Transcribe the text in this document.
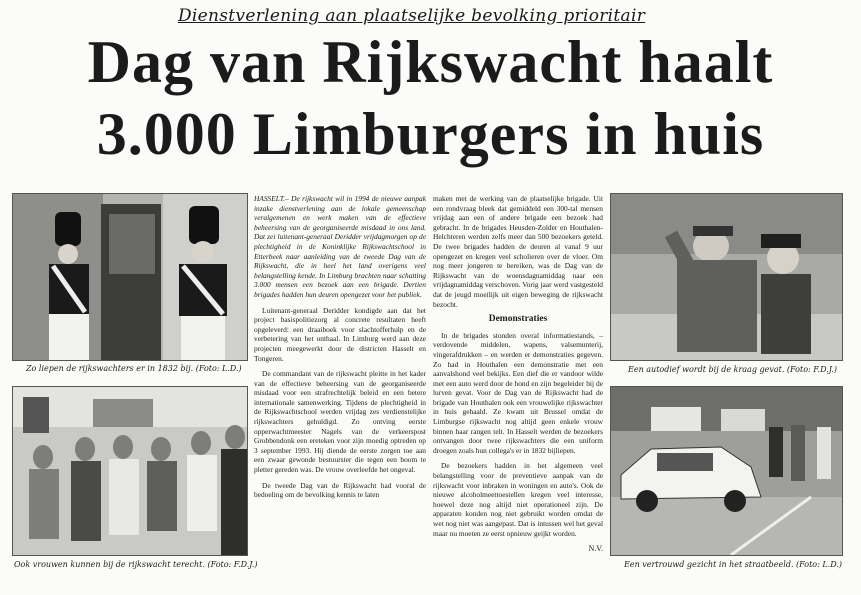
Dienstverlening aan plaatselijke bevolking prioritair
Dag van Rijkswacht haalt
3.000 Limburgers in huis
Zo liepen de rijkswachters er in 1832 bij. (Foto: L.D.)
Ook vrouwen kunnen bij de rijkswacht terecht. (Foto: F.D.J.)

HASSELT.– De rijkswacht wil in 1994 de nieuwe aanpak inzake dienstverlening aan de lokale gemeenschap veralgemenen en werk maken van de effectieve beheersing van de georganiseerde misdaad in ons land. Dat zei luitenant-generaal Deridder vrijdagmorgen op de plechtigheid in de Koninklijke Rijkswachtschool in Etterbeek naar aanleiding van de tweede Dag van de Rijkswacht, die in heel het land overigens veel belangstelling kende. In Limburg brachten naar schatting 3.000 mensen een bezoek aan een brigade. Dertien brigades hadden hun deuren opengezet voor het publiek.

Luitenant-generaal Deridder kondigde aan dat het project basispolitiezorg al concrete resultaten heeft opgeleverd: een draaiboek voor slachtofferhulp en de verbetering van het onthaal. In Limburg werd aan deze projecten meegewerkt door de districten Hasselt en Tongeren.

De commandant van de rijkswacht pleitte in het kader van de effectieve beheersing van de georganiseerde misdaad voor een strafrechtelijk beleid en een betere internationale samenwerking. Tijdens de plechtigheid in de Rijkswachtschool werden vrijdag zes verdienstelijke rijkswachters gehuldigd. Zo ontving eerste opperwachtmeester Nagels van de verkeerspost Grobbendonk een ereteken voor zijn moedig optreden op 3 september 1993. Hij diende de eerste zorgen toe aan een zwaar gewonde bestuurster die tegen een boom te pletter gereden was. De vrouw overleefde het ongeval.

De tweede Dag van de Rijkswacht had vooral de bedoeling om de bevolking kennis te laten

maken met de werking van de plaatselijke brigade. Uit een rondvraag bleek dat gemiddeld een 300-tal mensen vrijdag aan een of andere brigade een bezoek had gebracht. In de brigades Heusden-Zolder en Houthalen-Helchteren werden zelfs meer dan 500 bezoekers geteld. De twee brigades hadden de deuren al vanaf 9 uur opengezet en kregen veel scholieren over de vloer. Om nog meer jongeren te bereiken, was de Dag van de Rijkswacht van de woensdagnamiddag naar een vrijdagnamiddag verschoven. Vorig jaar werd vastgesteld dat de jeugd moeilijk uit eigen beweging de rijkswacht bezocht.

Demonstraties

In de brigades stonden overal informatiestands, – verdovende middelen, wapens, valsemunterij, vingerafdrukken – en werden er demonstraties gegeven. Zo had in Houthalen een demonstratie met een aanvalshond veel bekijks. Een dief die er vandoor wilde met een auto werd door de hond en zijn begeleider bij de lurven gevat. Voor de Dag van de Rijkswacht had de brigade van Houthalen ook een vrouwelijke rijkswachter in huis gehaald. Ze kwam uit Brussel omdat de Limburgse rijkswacht nog altijd geen enkele vrouw binnen haar rangen telt. In Hasselt werden de bezoekers ontvangen door twee rijkswachters die een uniform droegen zoals hun collega's er in 1832 bijliepen.

De bezoekers hadden in het algemeen veel belangstelling voor de preventieve aanpak van de rijkswacht voor inbraken in woningen en auto's. Ook de nieuwe alcoholmeettoestellen kregen veel interesse, hoewel deze nog altijd niet operationeel zijn. De apparaten konden nog niet gebruikt worden omdat de wet nog niet was aangepast. Dat is intussen wel het geval maar nu moeten ze eerst opnieuw geijkt worden.

N.V.
Een autodief wordt bij de kraag gevat. (Foto: F.D.J.)
Een vertrouwd gezicht in het straatbeeld. (Foto: L.D.)
